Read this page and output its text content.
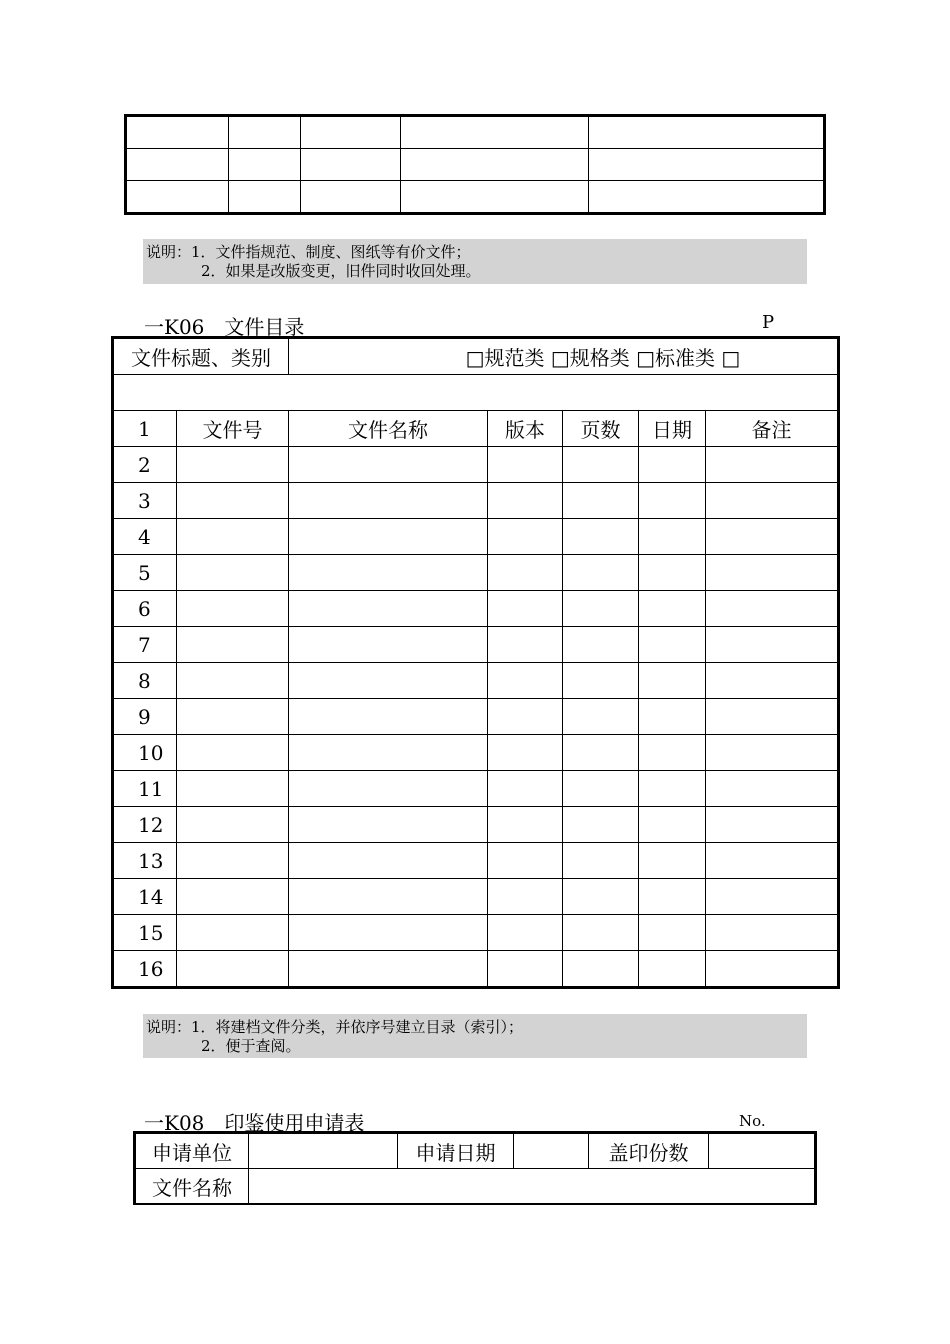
说明：1．文件指规范、制度、图纸等有价文件；
2．如果是改版变更，旧件同时收回处理。
一K06　文件目录	P
文件标题、类别		□规范类 □规格类 □标准类 □				

1	文件号	文件名称	版本	页数	日期	备注
2						
3						
4						
5						
6						
7						
8						
9						
10						
11						
12						
13						
14						
15						
16						
说明：1．将建档文件分类，并依序号建立目录（索引）；
2．便于查阅。
一K08　印鉴使用申请表	No.
申请单位		申请日期		盖印份数	
文件名称					
